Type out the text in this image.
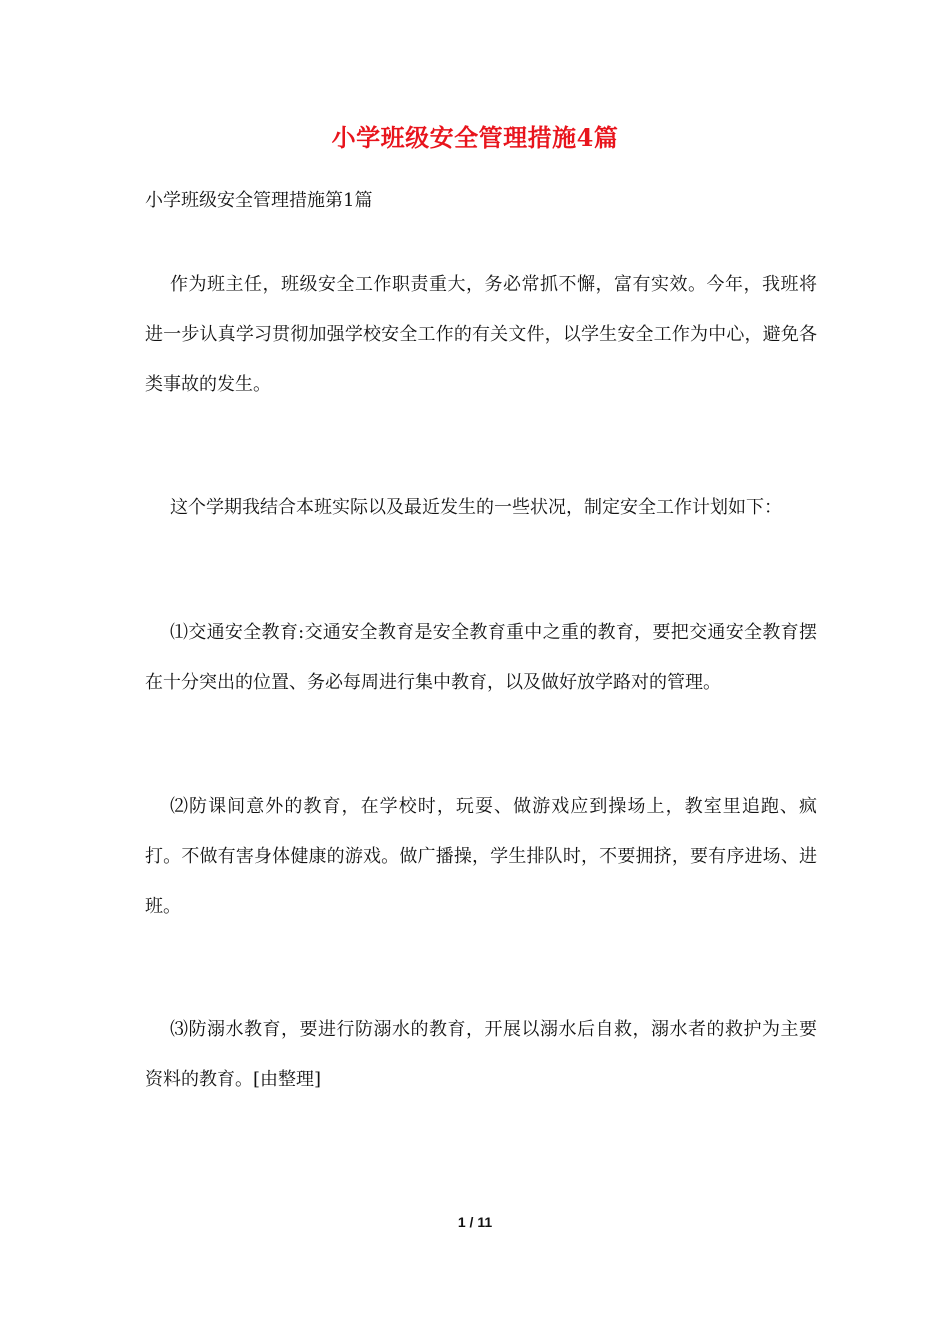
小学班级安全管理措施4篇
小学班级安全管理措施第1篇
作为班主任，班级安全工作职责重大，务必常抓不懈，富有实效。今年，我班将进一步认真学习贯彻加强学校安全工作的有关文件，以学生安全工作为中心，避免各类事故的发生。
这个学期我结合本班实际以及最近发生的一些状况，制定安全工作计划如下：
⑴交通安全教育:交通安全教育是安全教育重中之重的教育，要把交通安全教育摆在十分突出的位置、务必每周进行集中教育，以及做好放学路对的管理。
⑵防课间意外的教育，在学校时，玩耍、做游戏应到操场上，教室里追跑、疯打。不做有害身体健康的游戏。做广播操，学生排队时，不要拥挤，要有序进场、进班。
⑶防溺水教育，要进行防溺水的教育，开展以溺水后自救，溺水者的救护为主要资料的教育。[由整理]
1 / 11
